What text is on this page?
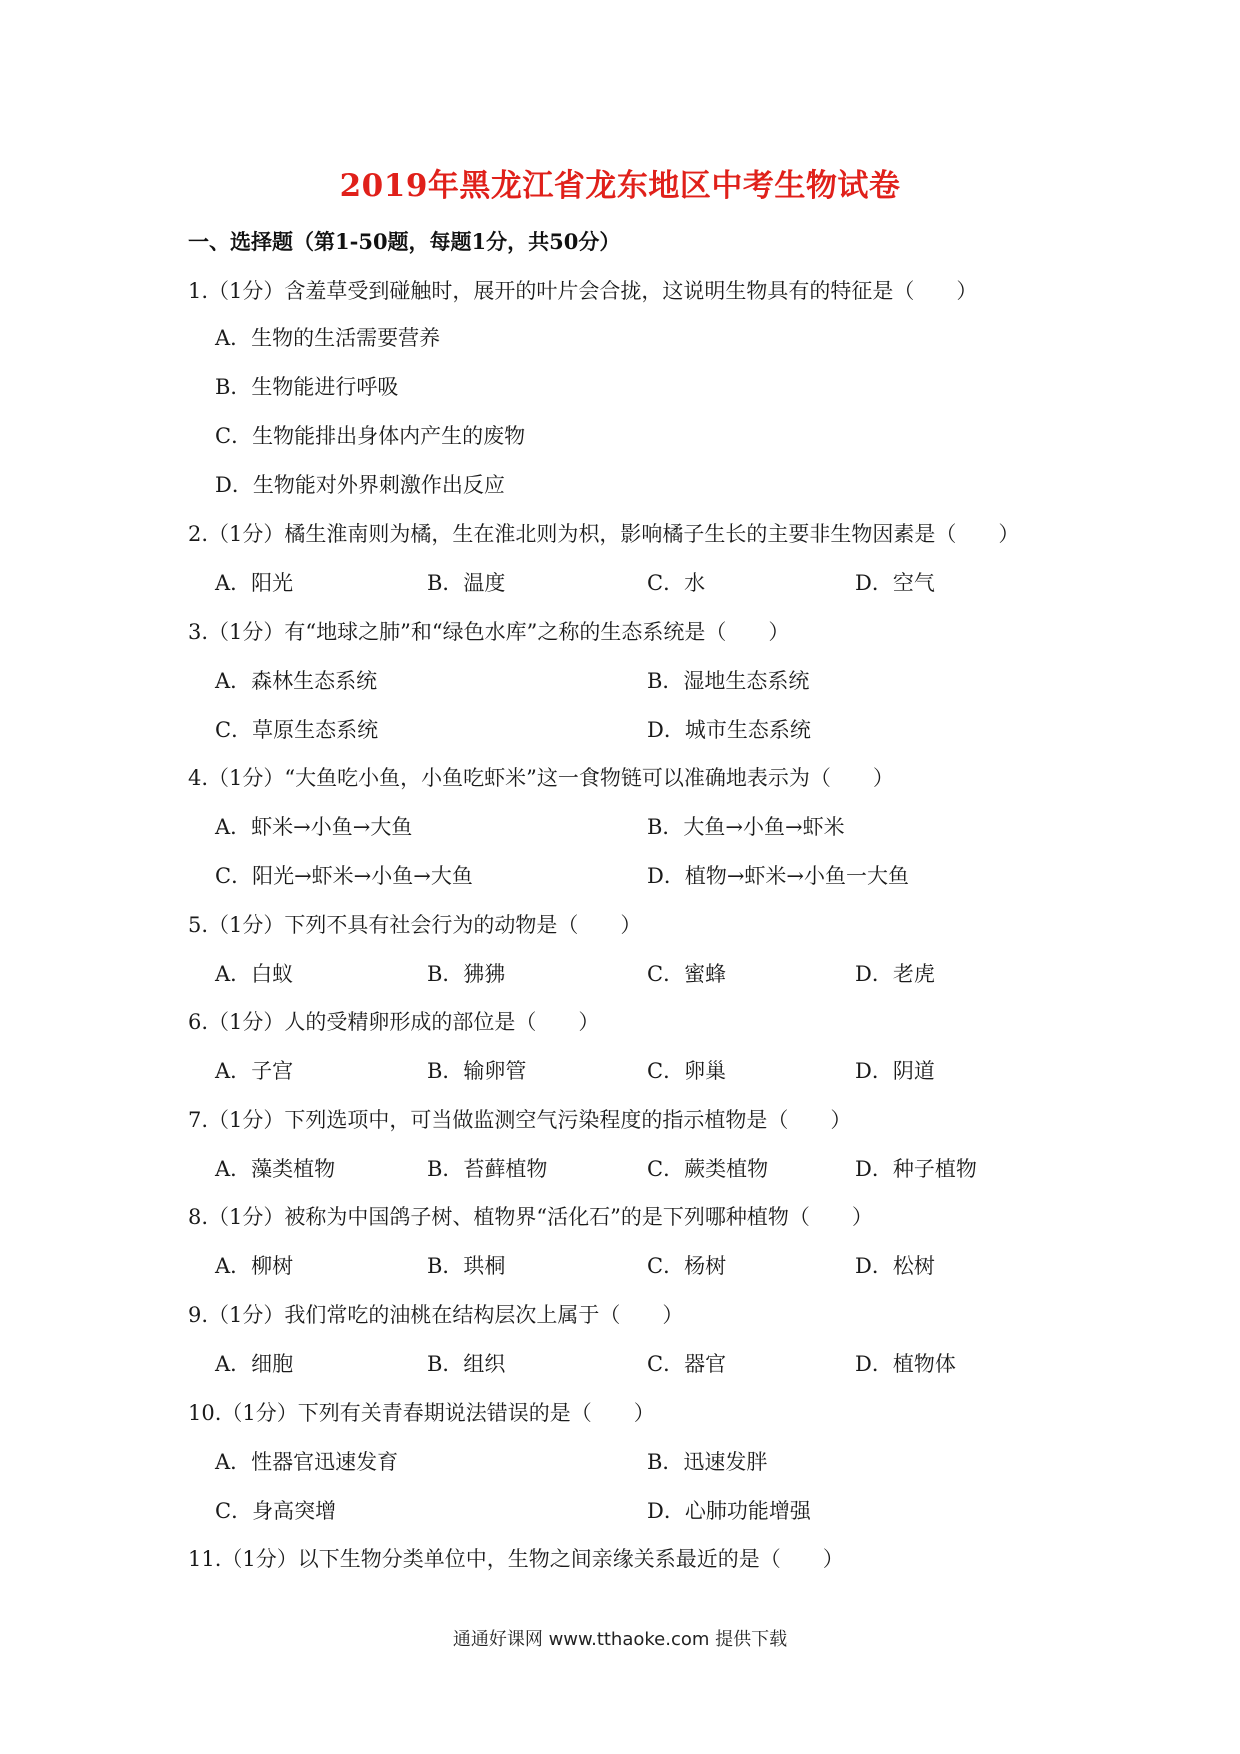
2019年黑龙江省龙东地区中考生物试卷
一、选择题（第1-50题，每题1分，共50分）
1.（1分）含羞草受到碰触时，展开的叶片会合拢，这说明生物具有的特征是（　　）
A．生物的生活需要营养
B．生物能进行呼吸
C．生物能排出身体内产生的废物
D．生物能对外界刺激作出反应
2.（1分）橘生淮南则为橘，生在淮北则为枳，影响橘子生长的主要非生物因素是（　　）
A．阳光	B．温度	C．水	D．空气
3.（1分）有“地球之肺”和“绿色水库”之称的生态系统是（　　）
A．森林生态系统	B．湿地生态系统
C．草原生态系统	D．城市生态系统
4.（1分）“大鱼吃小鱼，小鱼吃虾米”这一食物链可以准确地表示为（　　）
A．虾米→小鱼→大鱼	B．大鱼→小鱼→虾米
C．阳光→虾米→小鱼→大鱼	D．植物→虾米→小鱼一大鱼
5.（1分）下列不具有社会行为的动物是（　　）
A．白蚁	B．狒狒	C．蜜蜂	D．老虎
6.（1分）人的受精卵形成的部位是（　　）
A．子宫	B．输卵管	C．卵巢	D．阴道
7.（1分）下列选项中，可当做监测空气污染程度的指示植物是（　　）
A．藻类植物	B．苔藓植物	C．蕨类植物	D．种子植物
8.（1分）被称为中国鸽子树、植物界“活化石”的是下列哪种植物（　　）
A．柳树	B．珙桐	C．杨树	D．松树
9.（1分）我们常吃的油桃在结构层次上属于（　　）
A．细胞	B．组织	C．器官	D．植物体
10.（1分）下列有关青春期说法错误的是（　　）
A．性器官迅速发育	B．迅速发胖
C．身高突增	D．心肺功能增强
11.（1分）以下生物分类单位中，生物之间亲缘关系最近的是（　　）
通通好课网 www.tthaoke.com 提供下载
